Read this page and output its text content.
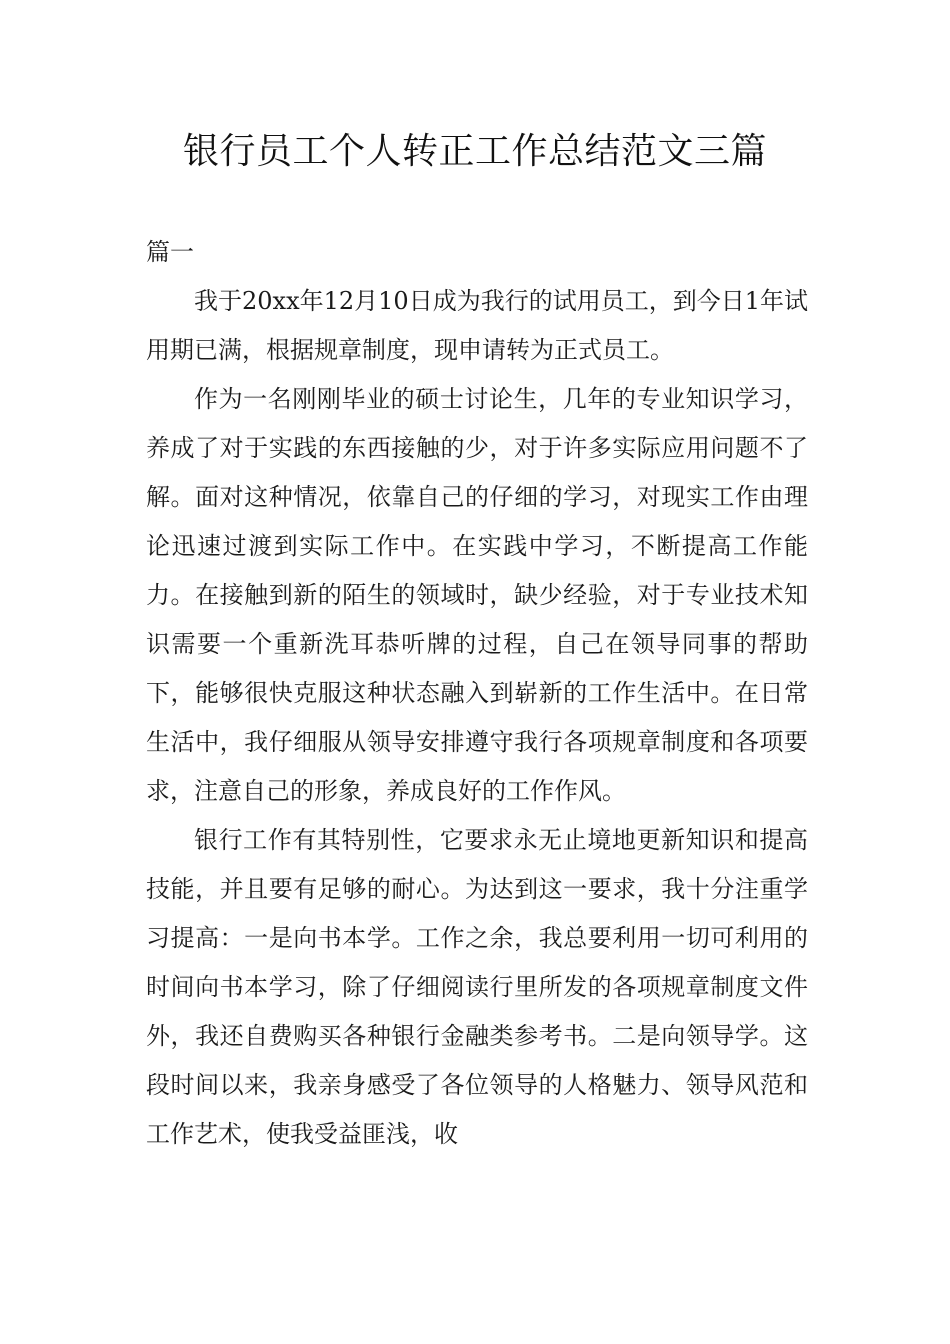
银行员工个人转正工作总结范文三篇
篇一

我于20xx年12月10日成为我行的试用员工，到今日1年试用期已满，根据规章制度，现申请转为正式员工。

作为一名刚刚毕业的硕士讨论生，几年的专业知识学习，养成了对于实践的东西接触的少，对于许多实际应用问题不了解。面对这种情况，依靠自己的仔细的学习，对现实工作由理论迅速过渡到实际工作中。在实践中学习，不断提高工作能力。在接触到新的陌生的领域时，缺少经验，对于专业技术知识需要一个重新洗耳恭听牌的过程，自己在领导同事的帮助下，能够很快克服这种状态融入到崭新的工作生活中。在日常生活中，我仔细服从领导安排遵守我行各项规章制度和各项要求，注意自己的形象，养成良好的工作作风。

银行工作有其特别性，它要求永无止境地更新知识和提高技能，并且要有足够的耐心。为达到这一要求，我十分注重学习提高：一是向书本学。工作之余，我总要利用一切可利用的时间向书本学习，除了仔细阅读行里所发的各项规章制度文件外，我还自费购买各种银行金融类参考书。二是向领导学。这段时间以来，我亲身感受了各位领导的人格魅力、领导风范和工作艺术，使我受益匪浅，收
